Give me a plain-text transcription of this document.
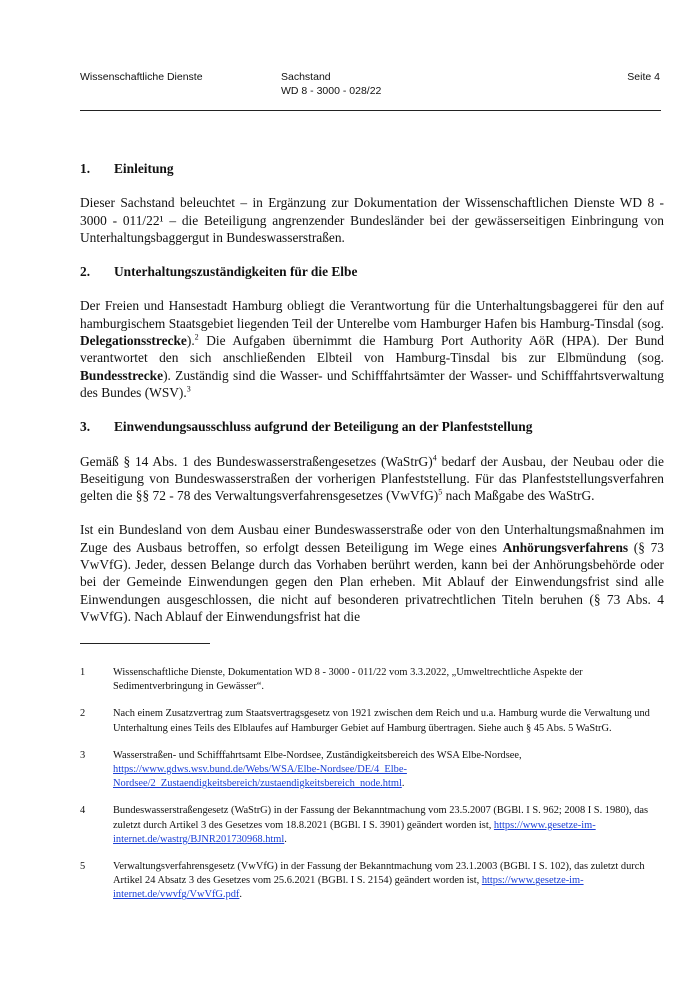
Wissenschaftliche Dienste	Sachstand
WD 8 - 3000 - 028/22
Seite 4
1.	Einleitung

Dieser Sachstand beleuchtet – in Ergänzung zur Dokumentation der Wissenschaftlichen Dienste WD 8 - 3000 - 011/22¹ – die Beteiligung angrenzender Bundesländer bei der gewässerseitigen Einbringung von Unterhaltungsbaggergut in Bundeswasserstraßen.

2.	Unterhaltungszuständigkeiten für die Elbe

Der Freien und Hansestadt Hamburg obliegt die Verantwortung für die Unterhaltungsbaggerei für den auf hamburgischem Staatsgebiet liegenden Teil der Unterelbe vom Hamburger Hafen bis Hamburg-Tinsdal (sog. Delegationsstrecke).$^2$ Die Aufgaben übernimmt die Hamburg Port Authority AöR (HPA). Der Bund verantwortet den sich anschließenden Elbteil von Hamburg-Tinsdal bis zur Elbmündung (sog. Bundesstrecke). Zuständig sind die Wasser- und Schifffahrtsämter der Wasser- und Schifffahrtsverwaltung des Bundes (WSV).$^3$

3.	Einwendungsausschluss aufgrund der Beteiligung an der Planfeststellung

Gemäß § 14 Abs. 1 des Bundeswasserstraßengesetzes (WaStrG)$^4$ bedarf der Ausbau, der Neubau oder die Beseitigung von Bundeswasserstraßen der vorherigen Planfeststellung. Für das Planfeststellungsverfahren gelten die §§ 72 - 78 des Verwaltungsverfahrensgesetzes (VwVfG)$^5$ nach Maßgabe des WaStrG.

Ist ein Bundesland von dem Ausbau einer Bundeswasserstraße oder von den Unterhaltungsmaßnahmen im Zuge des Ausbaus betroffen, so erfolgt dessen Beteiligung im Wege eines Anhörungsverfahrens (§ 73 VwVfG). Jeder, dessen Belange durch das Vorhaben berührt werden, kann bei der Anhörungsbehörde oder bei der Gemeinde Einwendungen gegen den Plan erheben. Mit Ablauf der Einwendungsfrist sind alle Einwendungen ausgeschlossen, die nicht auf besonderen privatrechtlichen Titeln beruhen (§ 73 Abs. 4 VwVfG). Nach Ablauf der Einwendungsfrist hat die

1	Wissenschaftliche Dienste, Dokumentation WD 8 - 3000 - 011/22 vom 3.3.2022, „Umweltrechtliche Aspekte der Sedimentverbringung in Gewässer“.
2	Nach einem Zusatzvertrag zum Staatsvertragsgesetz von 1921 zwischen dem Reich und u.a. Hamburg wurde die Verwaltung und Unterhaltung eines Teils des Elblaufes auf Hamburger Gebiet auf Hamburg übertragen. Siehe auch § 45 Abs. 5 WaStrG.
3	Wasserstraßen- und Schifffahrtsamt Elbe-Nordsee, Zuständigkeitsbereich des WSA Elbe-Nordsee, https://www.gdws.wsv.bund.de/Webs/WSA/Elbe-Nordsee/DE/4_Elbe-Nordsee/2_Zustaendigkeitsbereich/zustaendigkeitsbereich_node.html.
4	Bundeswasserstraßengesetz (WaStrG) in der Fassung der Bekanntmachung vom 23.5.2007 (BGBl. I S. 962; 2008 I S. 1980), das zuletzt durch Artikel 3 des Gesetzes vom 18.8.2021 (BGBl. I S. 3901) geändert worden ist, https://www.gesetze-im-internet.de/wastrg/BJNR201730968.html.
5	Verwaltungsverfahrensgesetz (VwVfG) in der Fassung der Bekanntmachung vom 23.1.2003 (BGBl. I S. 102), das zuletzt durch Artikel 24 Absatz 3 des Gesetzes vom 25.6.2021 (BGBl. I S. 2154) geändert worden ist, https://www.gesetze-im-internet.de/vwvfg/VwVfG.pdf.
